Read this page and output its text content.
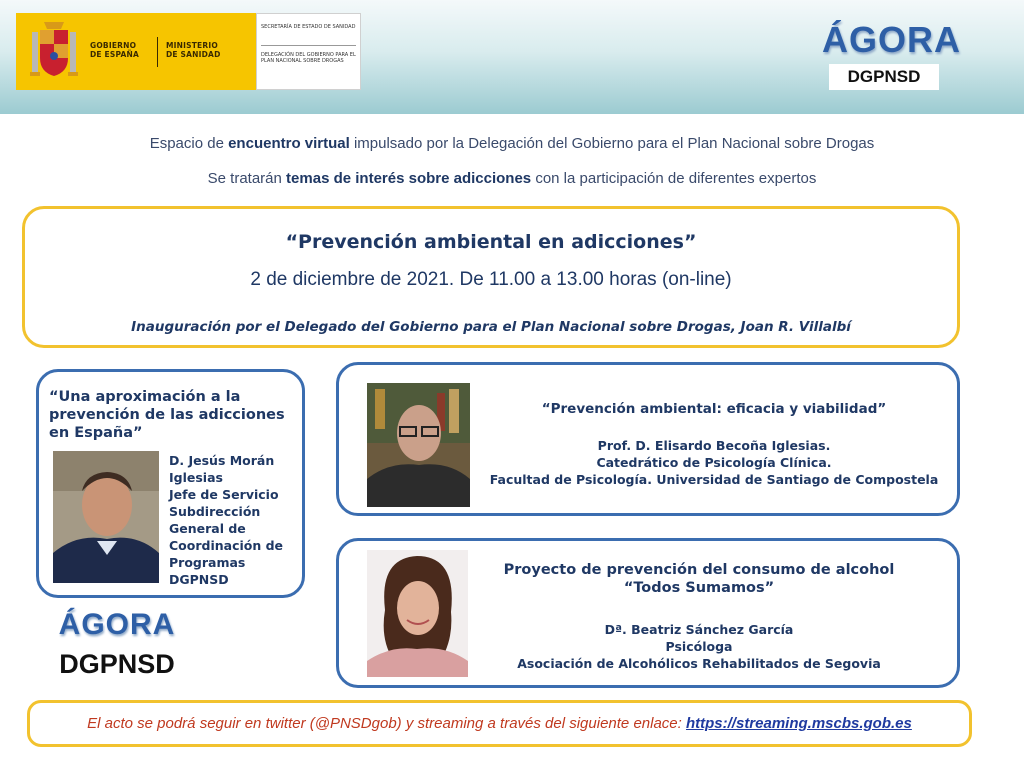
GOBIERNO
DE ESPAÑA
MINISTERIO
DE SANIDAD
SECRETARÍA DE ESTADO DE SANIDAD
DELEGACIÓN DEL GOBIERNO PARA EL PLAN NACIONAL SOBRE DROGAS
ÁGORA
DGPNSD
Espacio de encuentro virtual impulsado por la Delegación del Gobierno para el Plan Nacional sobre Drogas
Se tratarán temas de interés sobre adicciones con la participación de diferentes expertos
“Prevención ambiental en adicciones”
2 de diciembre de 2021. De 11.00 a 13.00 horas (on-line)
Inauguración por el Delegado del Gobierno para el Plan Nacional sobre Drogas, Joan R. Villalbí
“Una aproximación a la prevención de las adicciones en España”
D. Jesús Morán
Iglesias
Jefe de Servicio
Subdirección
General de
Coordinación de
Programas
DGPNSD
“Prevención ambiental: eficacia y viabilidad”
Prof. D. Elisardo Becoña Iglesias.
Catedrático de Psicología Clínica.
Facultad de Psicología. Universidad de Santiago de Compostela
Proyecto de prevención del consumo de alcohol
“Todos Sumamos”
Dª. Beatriz Sánchez García
Psicóloga
Asociación de Alcohólicos Rehabilitados de Segovia
ÁGORA
DGPNSD
El acto se podrá seguir en twitter (@PNSDgob) y streaming a través del siguiente enlace: https://streaming.mscbs.gob.es
